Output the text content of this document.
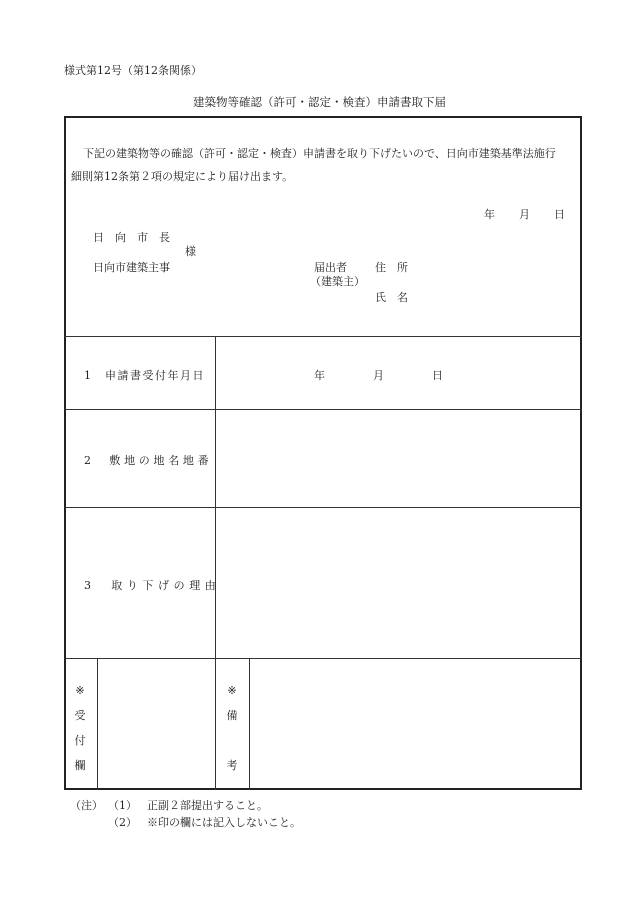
様式第12号（第12条関係）
建築物等確認（許可・認定・検査）申請書取下届
下記の建築物等の確認（許可・認定・検査）申請書を取り下げたいので、日向市建築基準法施行
細則第12条第２項の規定により届け出ます。
年 月 日
日　向　市　長
様
日向市建築主事	届出者
（建築主）
住　所
氏　名
1　申請書受付年月日	年	月	日
2　敷地の地名地番
3　取り下げの理由
※
受
付
欄
※
備
考
（注） （1） 正副２部提出すること。
（2） ※印の欄には記入しないこと。
